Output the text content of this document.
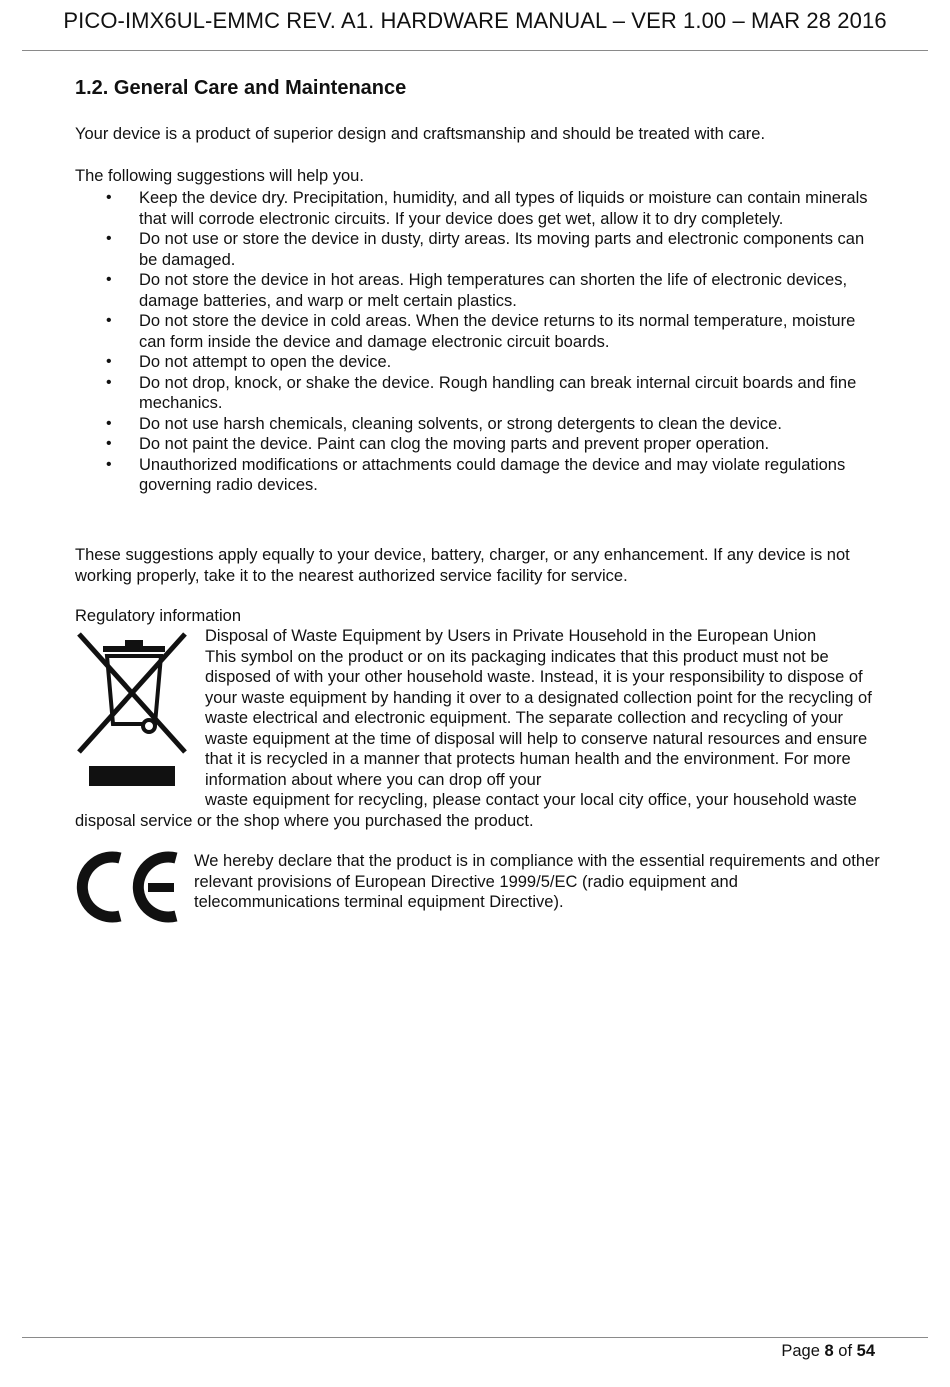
PICO-IMX6UL-EMMC REV. A1. HARDWARE MANUAL – VER 1.00 – MAR 28 2016
1.2. General Care and Maintenance

Your device is a product of superior design and craftsmanship and should be treated with care.

The following suggestions will help you.

• Keep the device dry. Precipitation, humidity, and all types of liquids or moisture can contain minerals that will corrode electronic circuits. If your device does get wet, allow it to dry completely.
• Do not use or store the device in dusty, dirty areas. Its moving parts and electronic components can be damaged.
• Do not store the device in hot areas. High temperatures can shorten the life of electronic devices, damage batteries, and warp or melt certain plastics.
• Do not store the device in cold areas. When the device returns to its normal temperature, moisture can form inside the device and damage electronic circuit boards.
• Do not attempt to open the device.
• Do not drop, knock, or shake the device. Rough handling can break internal circuit boards and fine mechanics.
• Do not use harsh chemicals, cleaning solvents, or strong detergents to clean the device.
• Do not paint the device. Paint can clog the moving parts and prevent proper operation.
• Unauthorized modifications or attachments could damage the device and may violate regulations governing radio devices.

These suggestions apply equally to your device, battery, charger, or any enhancement. If any device is not working properly, take it to the nearest authorized service facility for service.

Regulatory information

Disposal of Waste Equipment by Users in Private Household in the European Union

This symbol on the product or on its packaging indicates that this product must not be disposed of with your other household waste. Instead, it is your responsibility to dispose of your waste equipment by handing it over to a designated collection point for the recycling of waste electrical and electronic equipment. The separate collection and recycling of your waste equipment at the time of disposal will help to conserve natural resources and ensure that it is recycled in a manner that protects human health and the environment. For more information about where you can drop off your

waste equipment for recycling, please contact your local city office, your household waste disposal service or the shop where you purchased the product.

We hereby declare that the product is in compliance with the essential requirements and other relevant provisions of European Directive 1999/5/EC (radio equipment and telecommunications terminal equipment Directive).

Page 8 of 54
